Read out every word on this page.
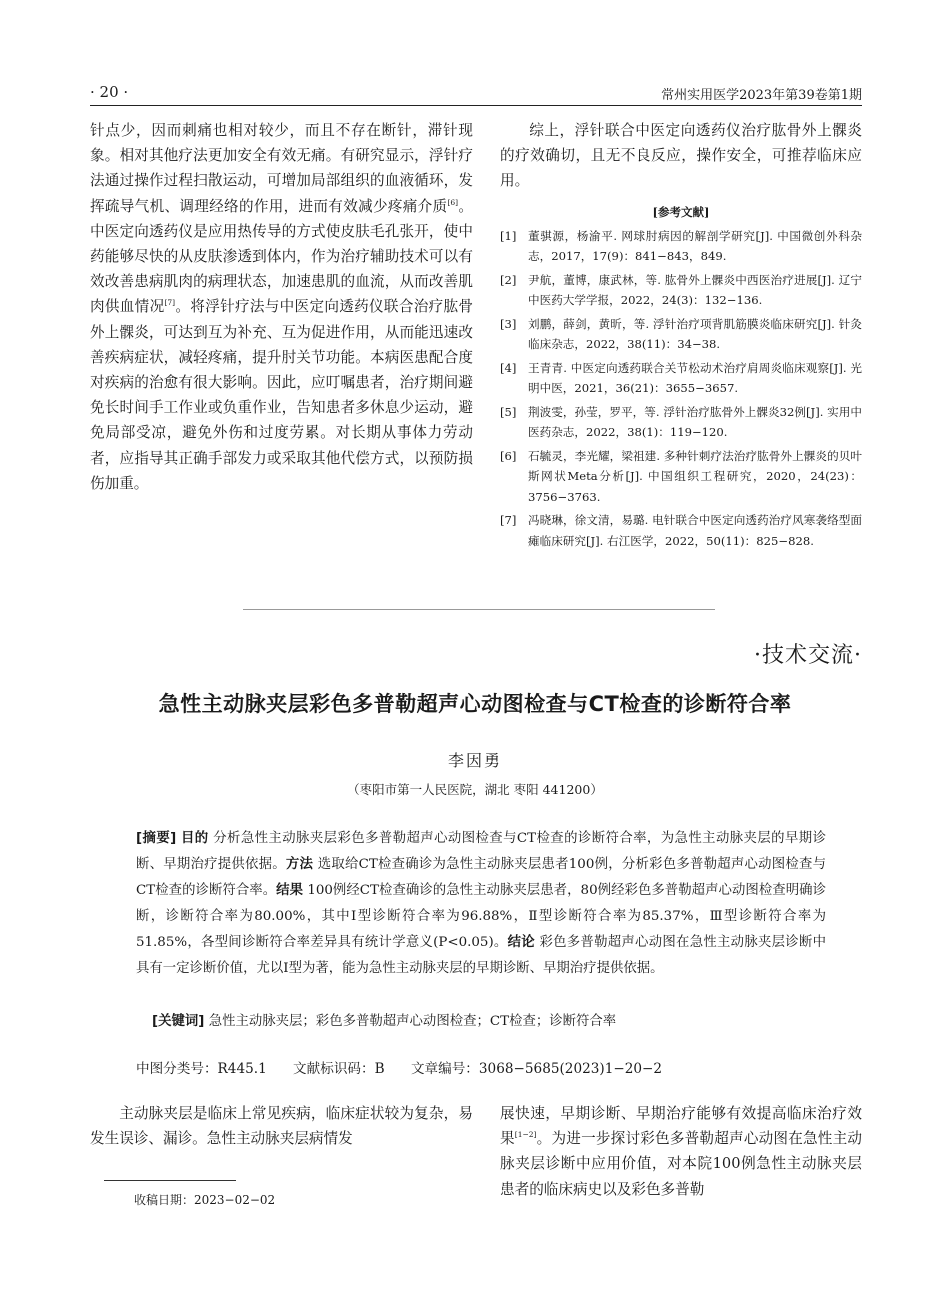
· 20 ·	常州实用医学2023年第39卷第1期

针点少，因而刺痛也相对较少，而且不存在断针，滞针现象。相对其他疗法更加安全有效无痛。有研究显示，浮针疗法通过操作过程扫散运动，可增加局部组织的血液循环，发挥疏导气机、调理经络的作用，进而有效减少疼痛介质[6]。中医定向透药仪是应用热传导的方式使皮肤毛孔张开，使中药能够尽快的从皮肤渗透到体内，作为治疗辅助技术可以有效改善患病肌肉的病理状态，加速患肌的血流，从而改善肌肉供血情况[7]。将浮针疗法与中医定向透药仪联合治疗肱骨外上髁炎，可达到互为补充、互为促进作用，从而能迅速改善疾病症状，减轻疼痛，提升肘关节功能。本病医患配合度对疾病的治愈有很大影响。因此，应叮嘱患者，治疗期间避免长时间手工作业或负重作业，告知患者多休息少运动，避免局部受凉，避免外伤和过度劳累。对长期从事体力劳动者，应指导其正确手部发力或采取其他代偿方式，以预防损伤加重。

综上，浮针联合中医定向透药仪治疗肱骨外上髁炎的疗效确切，且无不良反应，操作安全，可推荐临床应用。

[参考文献]
[1] 董骐源，杨渝平. 网球肘病因的解剖学研究[J]. 中国微创外科杂志，2017，17(9)：841−843，849.
[2] 尹航，董博，康武林，等. 肱骨外上髁炎中西医治疗进展[J]. 辽宁中医药大学学报，2022，24(3)：132−136.
[3] 刘鹏，薛剑，黄昕，等. 浮针治疗项背肌筋膜炎临床研究[J]. 针灸临床杂志，2022，38(11)：34−38.
[4] 王青青. 中医定向透药联合关节松动术治疗肩周炎临床观察[J]. 光明中医，2021，36(21)：3655−3657.
[5] 荆波雯，孙莹，罗平，等. 浮针治疗肱骨外上髁炎32例[J]. 实用中医药杂志，2022，38(1)：119−120.
[6] 石毓灵，李光耀，梁祖建. 多种针刺疗法治疗肱骨外上髁炎的贝叶斯网状Meta分析[J]. 中国组织工程研究，2020，24(23)：3756−3763.
[7] 冯晓琳，徐文清，易璐. 电针联合中医定向透药治疗风寒袭络型面瘫临床研究[J]. 右江医学，2022，50(11)：825−828.
·技术交流·
急性主动脉夹层彩色多普勒超声心动图检查与CT检查的诊断符合率
李因勇
（枣阳市第一人民医院，湖北 枣阳 441200）
[摘要] 目的 分析急性主动脉夹层彩色多普勒超声心动图检查与CT检查的诊断符合率，为急性主动脉夹层的早期诊断、早期治疗提供依据。方法 选取给CT检查确诊为急性主动脉夹层患者100例，分析彩色多普勒超声心动图检查与CT检查的诊断符合率。结果 100例经CT检查确诊的急性主动脉夹层患者，80例经彩色多普勒超声心动图检查明确诊断，诊断符合率为80.00%，其中Ⅰ型诊断符合率为96.88%，Ⅱ型诊断符合率为85.37%，Ⅲ型诊断符合率为51.85%，各型间诊断符合率差异具有统计学意义(P<0.05)。结论 彩色多普勒超声心动图在急性主动脉夹层诊断中具有一定诊断价值，尤以Ⅰ型为著，能为急性主动脉夹层的早期诊断、早期治疗提供依据。
[关键词] 急性主动脉夹层；彩色多普勒超声心动图检查；CT检查；诊断符合率
中图分类号：R445.1 文献标识码：B 文章编号：3068−5685(2023)1−20−2

主动脉夹层是临床上常见疾病，临床症状较为复杂，易发生误诊、漏诊。急性主动脉夹层病情发

展快速，早期诊断、早期治疗能够有效提高临床治疗效果[1−2]。为进一步探讨彩色多普勒超声心动图在急性主动脉夹层诊断中应用价值，对本院100例急性主动脉夹层患者的临床病史以及彩色多普勒

收稿日期：2023−02−02
